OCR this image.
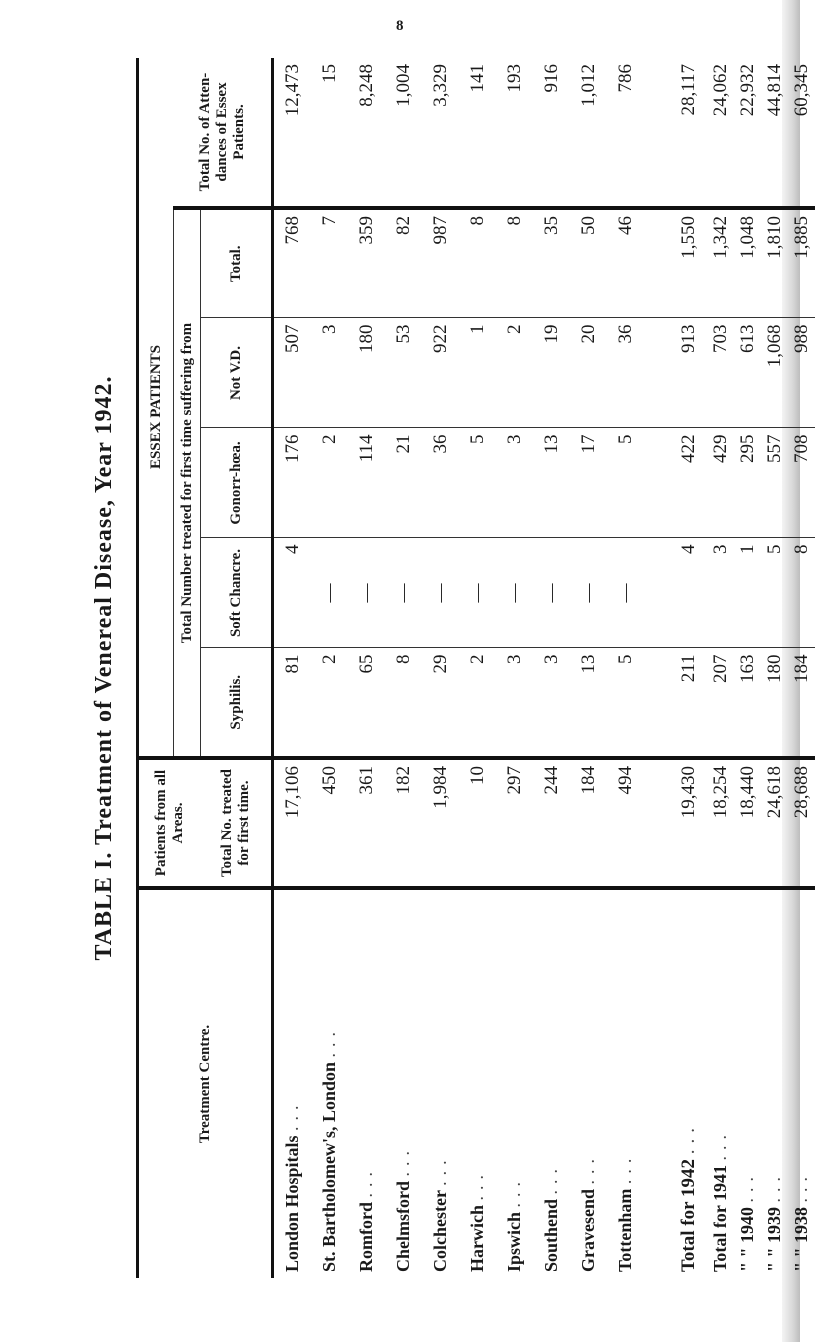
8
TABLE I. Treatment of Venereal Disease, Year 1942.
Treatment Centre.	Patients from all Areas.	ESSEX PATIENTS					
		Total Number treated for first time suffering from					Total No. of Atten-dances of Essex Patients.
	Total No. treated for first time.	Syphilis.	Soft Chancre.	Gonorr-hœa.	Not V.D.	Total.	
London Hospitals ...	17,106	81	4	176	507	768	12,473
St. Bartholomew's, London ...	450	2	—	2	3	7	15
Romford ...	361	65	—	114	180	359	8,248
Chelmsford ...	182	8	—	21	53	82	1,004
Colchester ...	1,984	29	—	36	922	987	3,329
Harwich ...	10	2	—	5	1	8	141
Ipswich ...	297	3	—	3	2	8	193
Southend ...	244	3	—	13	19	35	916
Gravesend ...	184	13	—	17	20	50	1,012
Tottenham ...	494	5	—	5	36	46	786

Total for 1942 ...	19,430	211	4	422	913	1,550	28,117
Total for 1941 ...	18,254	207	3	429	703	1,342	24,062
" " 1940 ...	18,440	163	1	295	613	1,048	22,932
" " 1939 ...	24,618	180	5	557	1,068	1,810	44,814
" " 1938 ...	28,688	184	8	708	988	1,885	60,345
